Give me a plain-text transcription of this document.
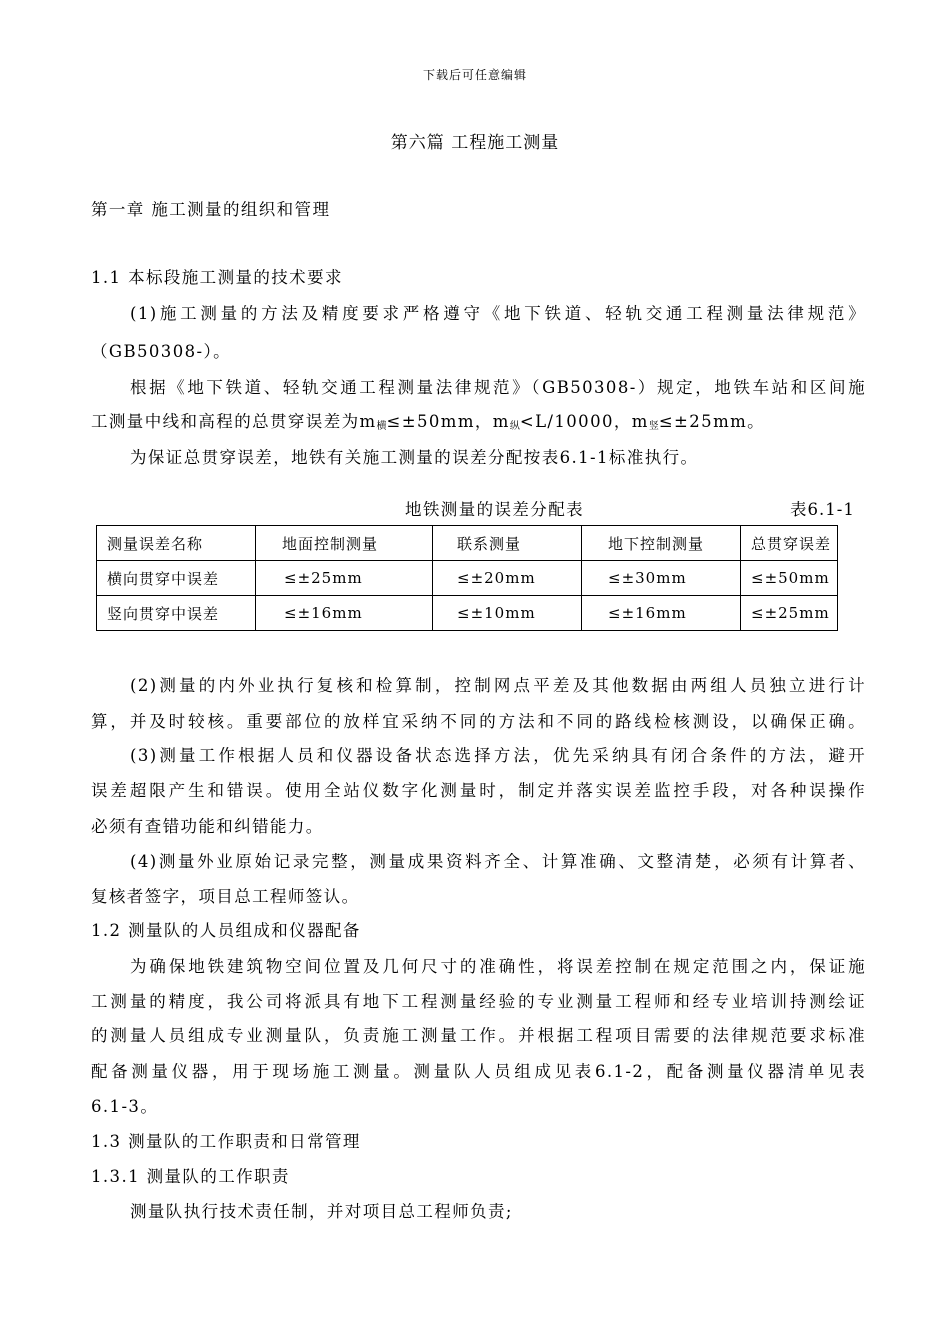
下载后可任意编辑
第六篇 工程施工测量
第一章 施工测量的组织和管理
1.1 本标段施工测量的技术要求
(1)施工测量的方法及精度要求严格遵守《地下铁道、轻轨交通工程测量法律规范》
（GB50308-）。
根据《地下铁道、轻轨交通工程测量法律规范》（GB50308-）规定，地铁车站和区间施
工测量中线和高程的总贯穿误差为$m_横\le\pm 50mm$，$m_纵<L/10000$，$m_竖\le\pm 25mm$。
为保证总贯穿误差，地铁有关施工测量的误差分配按表6.1-1标准执行。
地铁测量的误差分配表	表6.1-1
测量误差名称	地面控制测量	联系测量	地下控制测量	总贯穿误差
横向贯穿中误差	≤±25mm	≤±20mm	≤±30mm	≤±50mm
竖向贯穿中误差	≤±16mm	≤±10mm	≤±16mm	≤±25mm
(2)测量的内外业执行复核和检算制，控制网点平差及其他数据由两组人员独立进行计
算，并及时较核。重要部位的放样宜采纳不同的方法和不同的路线检核测设，以确保正确。
(3)测量工作根据人员和仪器设备状态选择方法，优先采纳具有闭合条件的方法，避开
误差超限产生和错误。使用全站仪数字化测量时，制定并落实误差监控手段，对各种误操作
必须有查错功能和纠错能力。
(4)测量外业原始记录完整，测量成果资料齐全、计算准确、文整清楚，必须有计算者、
复核者签字，项目总工程师签认。
1.2 测量队的人员组成和仪器配备
为确保地铁建筑物空间位置及几何尺寸的准确性，将误差控制在规定范围之内，保证施
工测量的精度，我公司将派具有地下工程测量经验的专业测量工程师和经专业培训持测绘证
的测量人员组成专业测量队，负责施工测量工作。并根据工程项目需要的法律规范要求标准
配备测量仪器，用于现场施工测量。测量队人员组成见表6.1-2，配备测量仪器清单见表
6.1-3。
1.3 测量队的工作职责和日常管理
1.3.1 测量队的工作职责
测量队执行技术责任制，并对项目总工程师负责;
